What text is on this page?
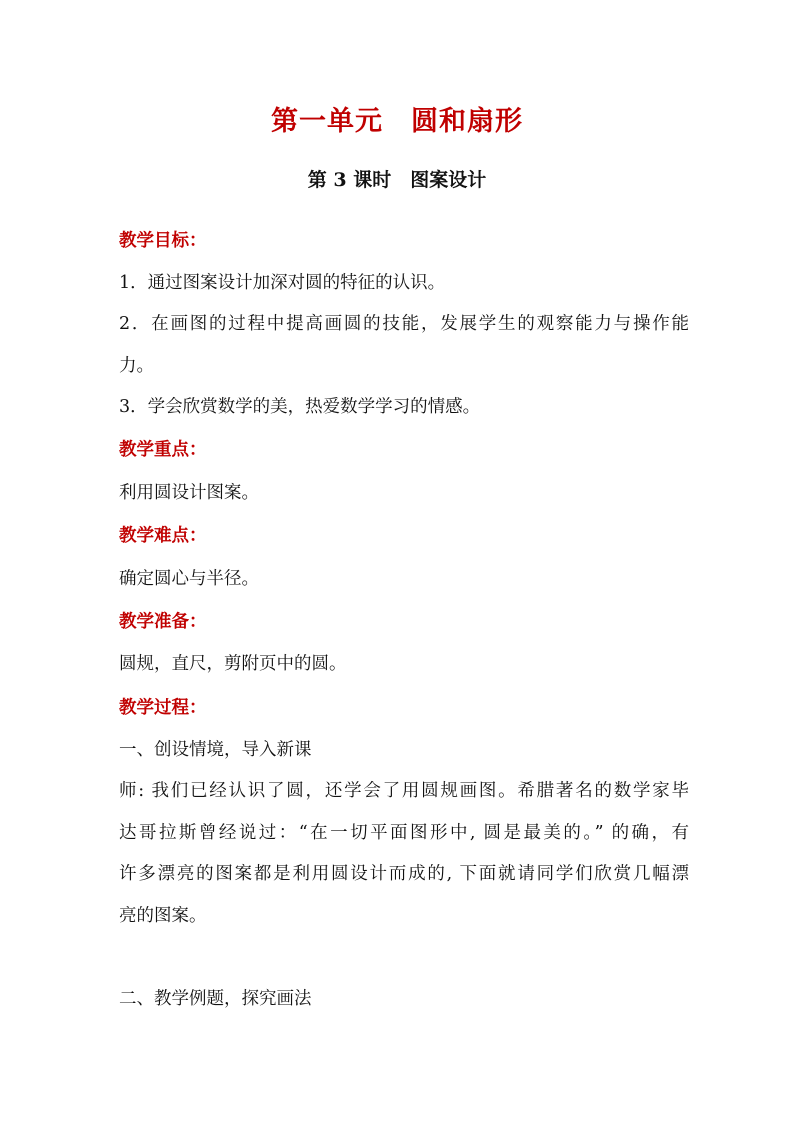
第一单元　圆和扇形
第 3 课时　图案设计
教学目标：
1．通过图案设计加深对圆的特征的认识。
2．在画图的过程中提高画圆的技能，发展学生的观察能力与操作能
力。
3．学会欣赏数学的美，热爱数学学习的情感。
教学重点：
利用圆设计图案。
教学难点：
确定圆心与半径。
教学准备：
圆规，直尺，剪附页中的圆。
教学过程：
一、创设情境，导入新课
师: 我们已经认识了圆，还学会了用圆规画图。希腊著名的数学家毕
达哥拉斯曾经说过：“在一切平面图形中, 圆是最美的。” 的确，有
许多漂亮的图案都是利用圆设计而成的, 下面就请同学们欣赏几幅漂
亮的图案。
二、教学例题，探究画法
